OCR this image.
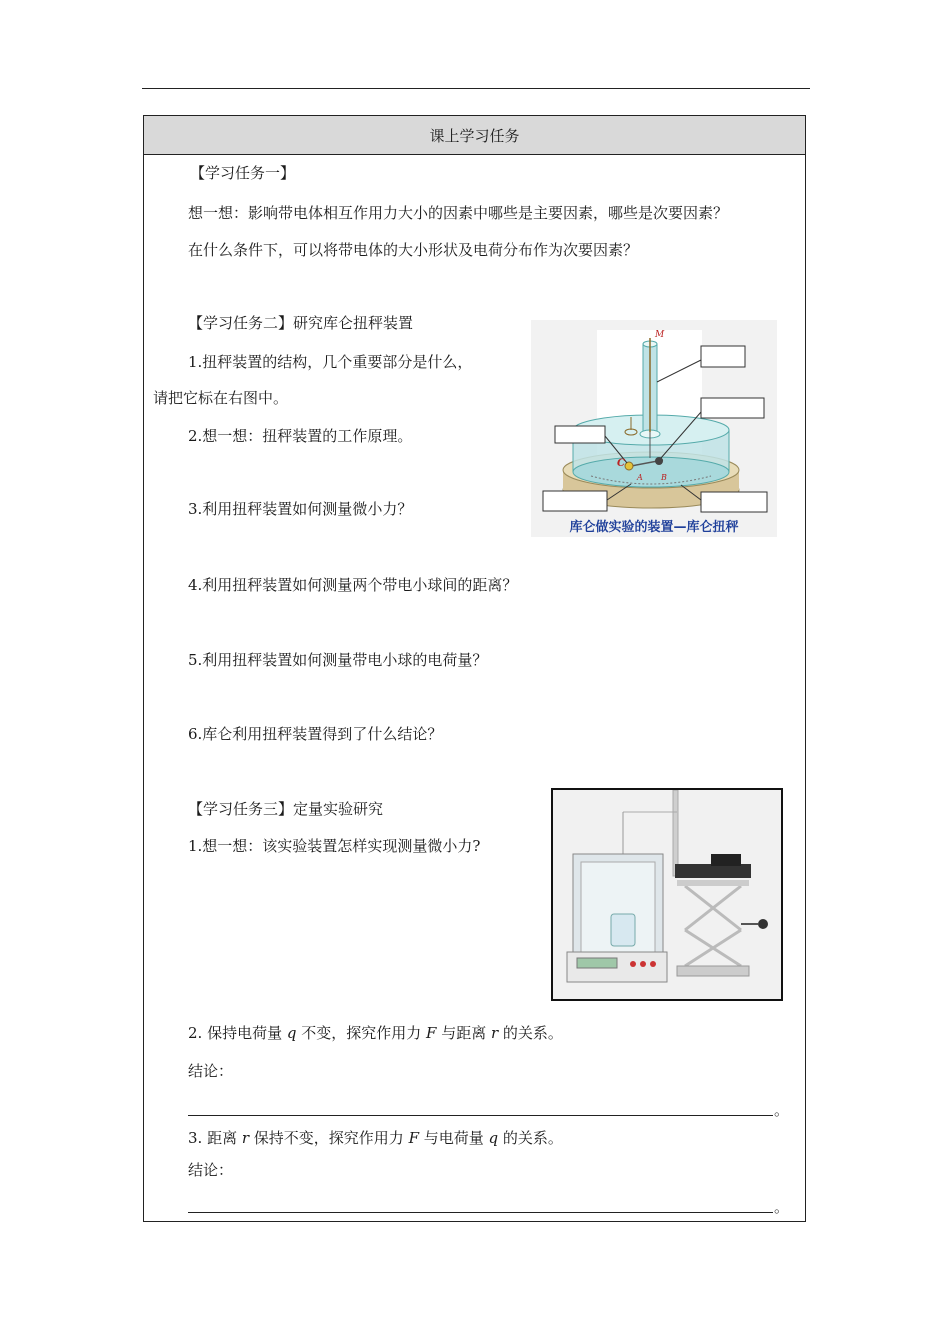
课上学习任务
【学习任务一】
想一想：影响带电体相互作用力大小的因素中哪些是主要因素，哪些是次要因素？
在什么条件下，可以将带电体的大小形状及电荷分布作为次要因素？
【学习任务二】研究库仑扭秤装置
1.扭秤装置的结构，几个重要部分是什么，
请把它标在右图中。
2.想一想：扭秤装置的工作原理。
3.利用扭秤装置如何测量微小力？
4.利用扭秤装置如何测量两个带电小球间的距离？
5.利用扭秤装置如何测量带电小球的电荷量？
6.库仑利用扭秤装置得到了什么结论？
M
C
A B
库仑做实验的装置—库仑扭秤
【学习任务三】定量实验研究
1.想一想：该实验装置怎样实现测量微小力?
2. 保持电荷量 q 不变，探究作用力 F 与距离 r 的关系。
结论：
。
3. 距离 r 保持不变，探究作用力 F 与电荷量 q 的关系。
结论：
。
